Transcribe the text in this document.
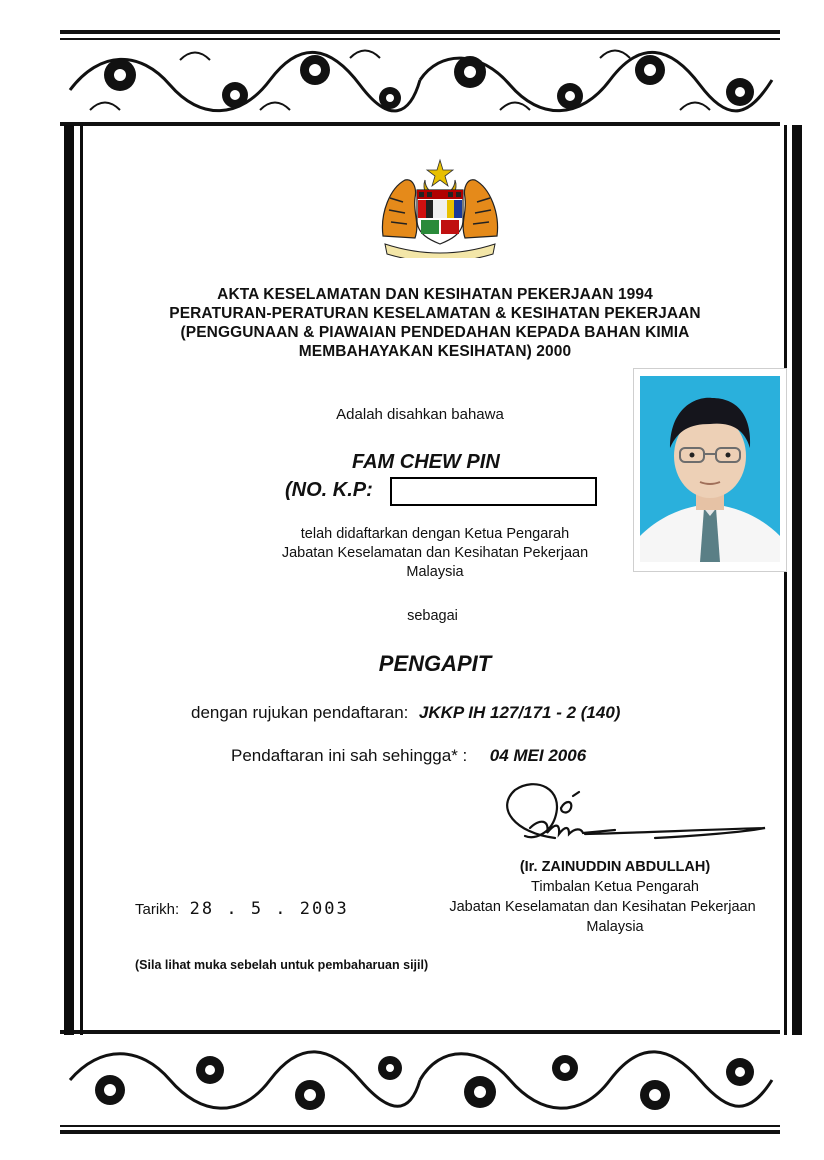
AKTA KESELAMATAN DAN KESIHATAN PEKERJAAN 1994
PERATURAN-PERATURAN KESELAMATAN & KESIHATAN PEKERJAAN
(PENGGUNAAN & PIAWAIAN PENDEDAHAN KEPADA BAHAN KIMIA
MEMBAHAYAKAN KESIHATAN) 2000
Adalah disahkan bahawa
FAM CHEW PIN
(NO. K.P:
telah didaftarkan dengan Ketua Pengarah
Jabatan Keselamatan dan Kesihatan Pekerjaan
Malaysia
sebagai
PENGAPIT
dengan rujukan pendaftaran: JKKP IH 127/171 - 2 (140)
Pendaftaran ini sah sehingga* : 04 MEI 2006
(Ir. ZAINUDDIN ABDULLAH)
Timbalan Ketua Pengarah
Jabatan Keselamatan dan Kesihatan Pekerjaan
Malaysia
Tarikh: 28 . 5 . 2003
(Sila lihat muka sebelah untuk pembaharuan sijil)
